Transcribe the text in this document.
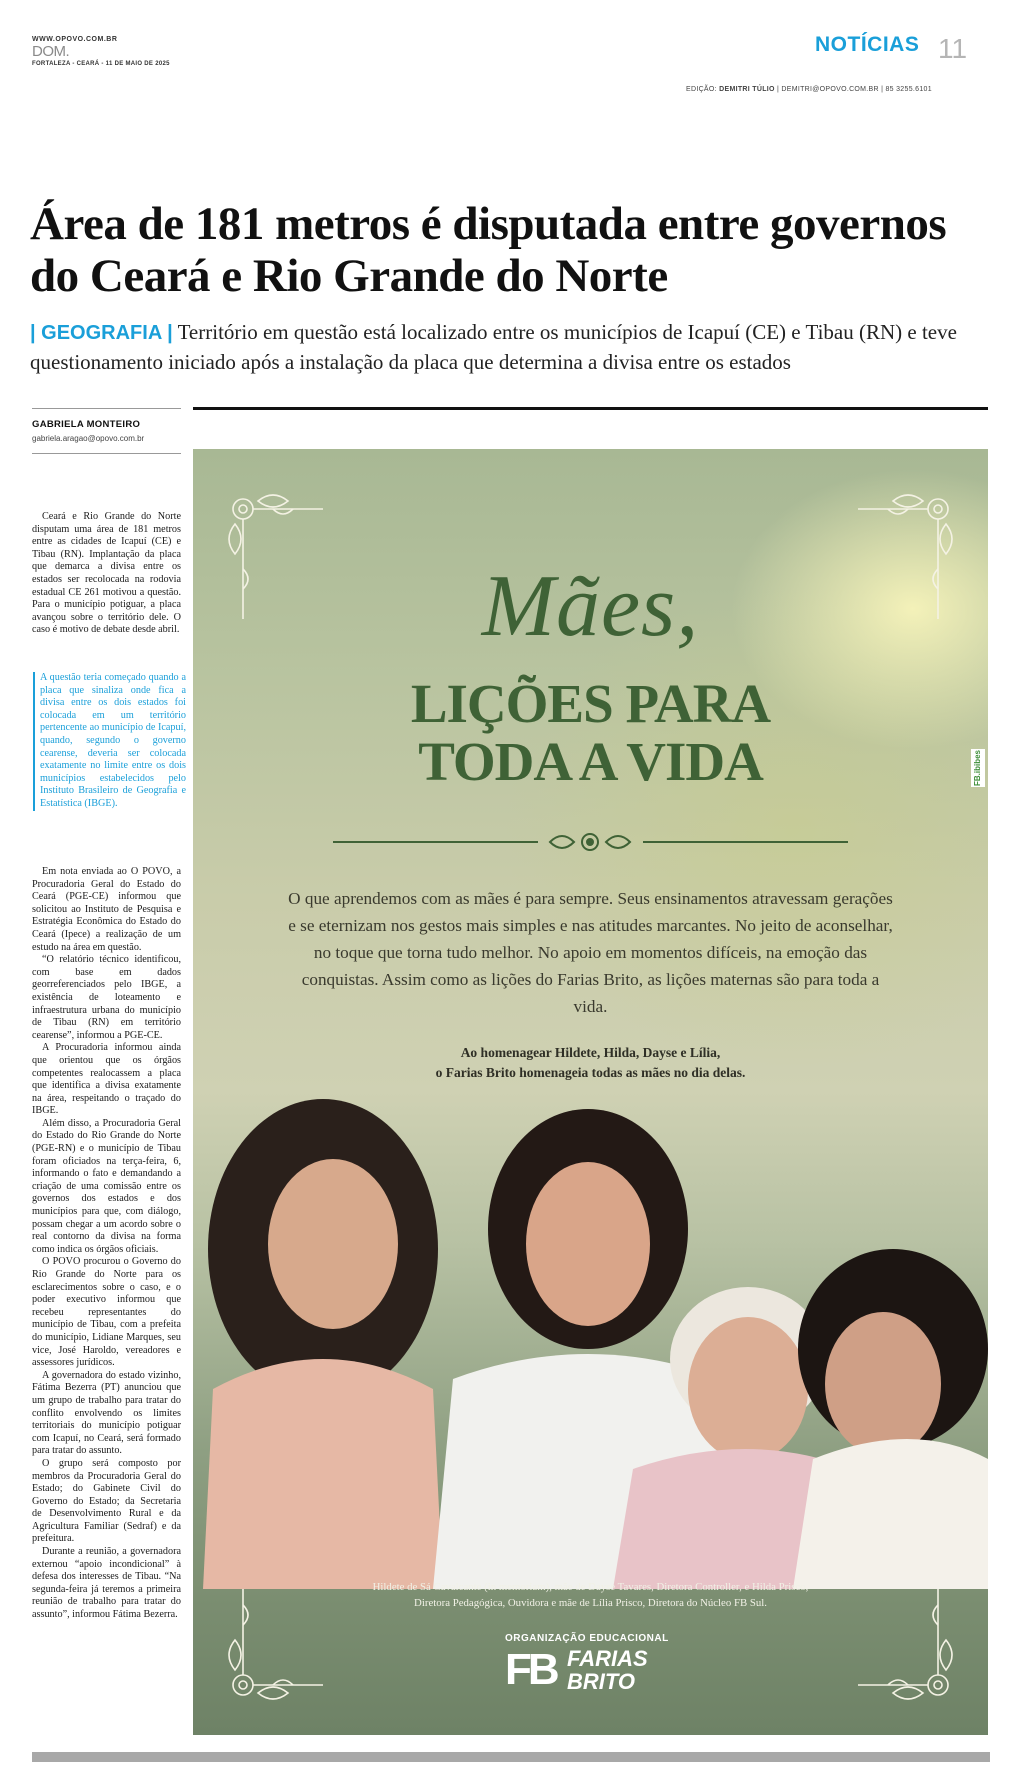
WWW.OPOVO.COM.BR
DOM.
FORTALEZA - CEARÁ - 11 DE MAIO DE 2025
NOTÍCIAS 11
EDIÇÃO: DEMITRI TÚLIO | DEMITRI@OPOVO.COM.BR | 85 3255.6101
Área de 181 metros é disputada entre governos do Ceará e Rio Grande do Norte
| GEOGRAFIA | Território em questão está localizado entre os municípios de Icapuí (CE) e Tibau (RN) e teve questionamento iniciado após a instalação da placa que determina a divisa entre os estados
GABRIELA MONTEIRO
gabriela.aragao@opovo.com.br

Ceará e Rio Grande do Norte disputam uma área de 181 metros entre as cidades de Icapuí (CE) e Tibau (RN). Implantação da placa que demarca a divisa entre os estados ser recolocada na rodovia estadual CE 261 motivou a questão. Para o município potiguar, a placa avançou sobre o território dele. O caso é motivo de debate desde abril.

A questão teria começado quando a placa que sinaliza onde fica a divisa entre os dois estados foi colocada em um território pertencente ao município de Icapuí, quando, segundo o governo cearense, deveria ser colocada exatamente no limite entre os dois municípios estabelecidos pelo Instituto Brasileiro de Geografia e Estatística (IBGE).

Em nota enviada ao O POVO, a Procuradoria Geral do Estado do Ceará (PGE-CE) informou que solicitou ao Instituto de Pesquisa e Estratégia Econômica do Estado do Ceará (Ipece) a realização de um estudo na área em questão.

“O relatório técnico identificou, com base em dados georreferenciados pelo IBGE, a existência de loteamento e infraestrutura urbana do município de Tibau (RN) em território cearense”, informou a PGE-CE.

A Procuradoria informou ainda que orientou que os órgãos competentes realocassem a placa que identifica a divisa exatamente na área, respeitando o traçado do IBGE.

Além disso, a Procuradoria Geral do Estado do Rio Grande do Norte (PGE-RN) e o município de Tibau foram oficiados na terça-feira, 6, informando o fato e demandando a criação de uma comissão entre os governos dos estados e dos municípios para que, com diálogo, possam chegar a um acordo sobre o real contorno da divisa na forma como indica os órgãos oficiais.

O POVO procurou o Governo do Rio Grande do Norte para os esclarecimentos sobre o caso, e o poder executivo informou que recebeu representantes do município de Tibau, com a prefeita do município, Lidiane Marques, seu vice, José Haroldo, vereadores e assessores jurídicos.

A governadora do estado vizinho, Fátima Bezerra (PT) anunciou que um grupo de trabalho para tratar do conflito envolvendo os limites territoriais do município potiguar com Icapuí, no Ceará, será formado para tratar do assunto.

O grupo será composto por membros da Procuradoria Geral do Estado; do Gabinete Civil do Governo do Estado; da Secretaria de Desenvolvimento Rural e da Agricultura Familiar (Sedraf) e da prefeitura.

Durante a reunião, a governadora externou “apoio incondicional” à defesa dos interesses de Tibau. “Na segunda-feira já teremos a primeira reunião de trabalho para tratar do assunto”, informou Fátima Bezerra.

Mães,
LIÇÕES PARA
TODA A VIDA
O que aprendemos com as mães é para sempre. Seus ensinamentos atravessam gerações e se eternizam nos gestos mais simples e nas atitudes marcantes. No jeito de aconselhar, no toque que torna tudo melhor. No apoio em momentos difíceis, na emoção das conquistas. Assim como as lições do Farias Brito, as lições maternas são para toda a vida.
Ao homenagear Hildete, Hilda, Dayse e Lília,
o Farias Brito homenageia todas as mães no dia delas.
Hildete de Sá Cavalcante (in memoriam), mãe de Dayse Tavares, Diretora Controller, e Hilda Prisco,
Diretora Pedagógica, Ouvidora e mãe de Lília Prisco, Diretora do Núcleo FB Sul.
ORGANIZAÇÃO EDUCACIONAL
FB FARIAS
BRITO
FB.ibibes
